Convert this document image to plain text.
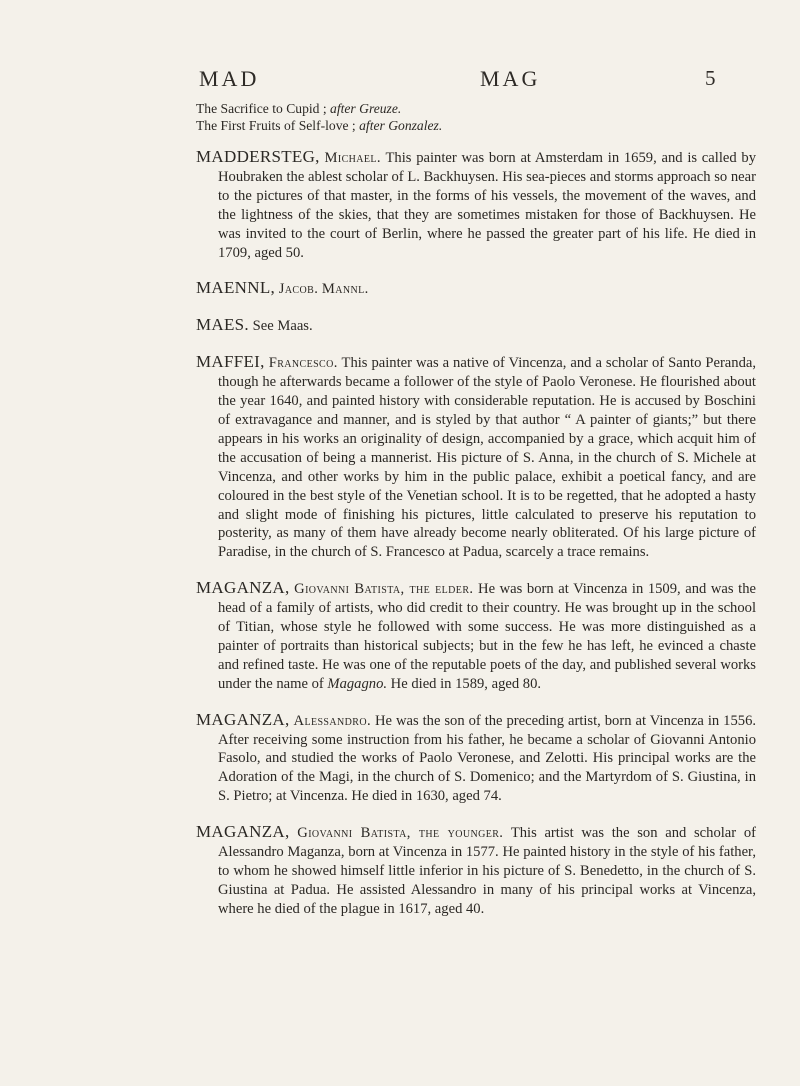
MAD	MAG	5

The Sacrifice to Cupid ; after Greuze.

The First Fruits of Self-love ; after Gonzalez.

MADDERSTEG, Michael. This painter was born at Amsterdam in 1659, and is called by Houbraken the ablest scholar of L. Backhuysen. His sea-pieces and storms approach so near to the pictures of that master, in the forms of his vessels, the movement of the waves, and the lightness of the skies, that they are sometimes mistaken for those of Backhuysen. He was invited to the court of Berlin, where he passed the greater part of his life. He died in 1709, aged 50.

MAENNL, Jacob. Mannl.

MAES. See Maas.

MAFFEI, Francesco. This painter was a native of Vincenza, and a scholar of Santo Peranda, though he afterwards became a follower of the style of Paolo Veronese. He flourished about the year 1640, and painted history with considerable reputation. He is accused by Boschini of extravagance and manner, and is styled by that author “ A painter of giants;” but there appears in his works an originality of design, accompanied by a grace, which acquit him of the accusation of being a mannerist. His picture of S. Anna, in the church of S. Michele at Vincenza, and other works by him in the public palace, exhibit a poetical fancy, and are coloured in the best style of the Venetian school. It is to be regetted, that he adopted a hasty and slight mode of finishing his pictures, little calculated to preserve his reputation to posterity, as many of them have already become nearly obliterated. Of his large picture of Paradise, in the church of S. Francesco at Padua, scarcely a trace remains.

MAGANZA, Giovanni Batista, the elder. He was born at Vincenza in 1509, and was the head of a family of artists, who did credit to their country. He was brought up in the school of Titian, whose style he followed with some success. He was more distinguished as a painter of portraits than historical subjects; but in the few he has left, he evinced a chaste and refined taste. He was one of the reputable poets of the day, and published several works under the name of Magagno. He died in 1589, aged 80.

MAGANZA, Alessandro. He was the son of the preceding artist, born at Vincenza in 1556. After receiving some instruction from his father, he became a scholar of Giovanni Antonio Fasolo, and studied the works of Paolo Veronese, and Zelotti. His principal works are the Adoration of the Magi, in the church of S. Domenico; and the Martyrdom of S. Giustina, in S. Pietro; at Vincenza. He died in 1630, aged 74.

MAGANZA, Giovanni Batista, the younger. This artist was the son and scholar of Alessandro Maganza, born at Vincenza in 1577. He painted history in the style of his father, to whom he showed himself little inferior in his picture of S. Benedetto, in the church of S. Giustina at Padua. He assisted Alessandro in many of his principal works at Vincenza, where he died of the plague in 1617, aged 40.
